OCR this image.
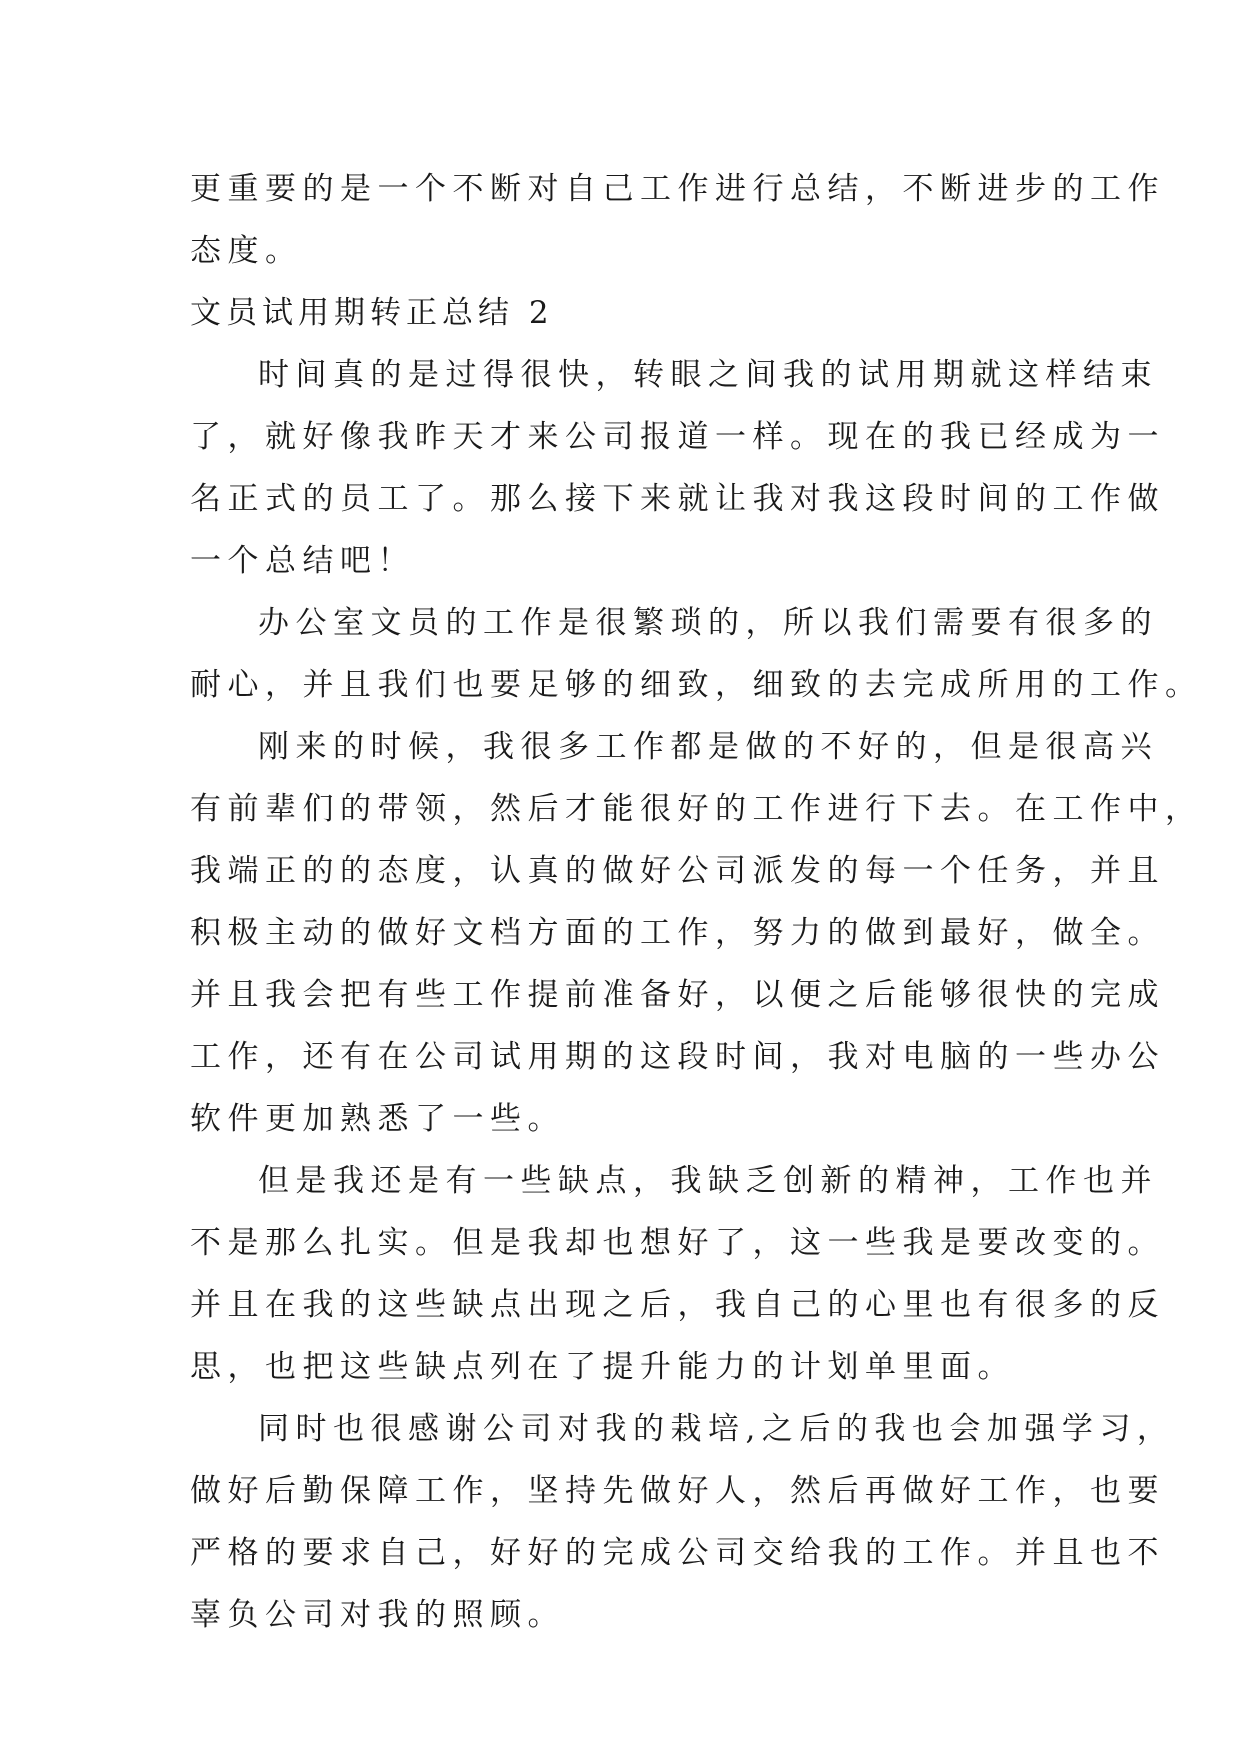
更重要的是一个不断对自己工作进行总结，不断进步的工作
态度。

文员试用期转正总结 2

时间真的是过得很快，转眼之间我的试用期就这样结束
了，就好像我昨天才来公司报道一样。现在的我已经成为一
名正式的员工了。那么接下来就让我对我这段时间的工作做
一个总结吧！

办公室文员的工作是很繁琐的，所以我们需要有很多的
耐心，并且我们也要足够的细致，细致的去完成所用的工作。

刚来的时候，我很多工作都是做的不好的，但是很高兴
有前辈们的带领，然后才能很好的工作进行下去。在工作中，
我端正的的态度，认真的做好公司派发的每一个任务，并且
积极主动的做好文档方面的工作，努力的做到最好，做全。
并且我会把有些工作提前准备好，以便之后能够很快的完成
工作，还有在公司试用期的这段时间，我对电脑的一些办公
软件更加熟悉了一些。

但是我还是有一些缺点，我缺乏创新的精神，工作也并
不是那么扎实。但是我却也想好了，这一些我是要改变的。
并且在我的这些缺点出现之后，我自己的心里也有很多的反
思，也把这些缺点列在了提升能力的计划单里面。

同时也很感谢公司对我的栽培,之后的我也会加强学习，
做好后勤保障工作，坚持先做好人，然后再做好工作，也要
严格的要求自己，好好的完成公司交给我的工作。并且也不
辜负公司对我的照顾。
